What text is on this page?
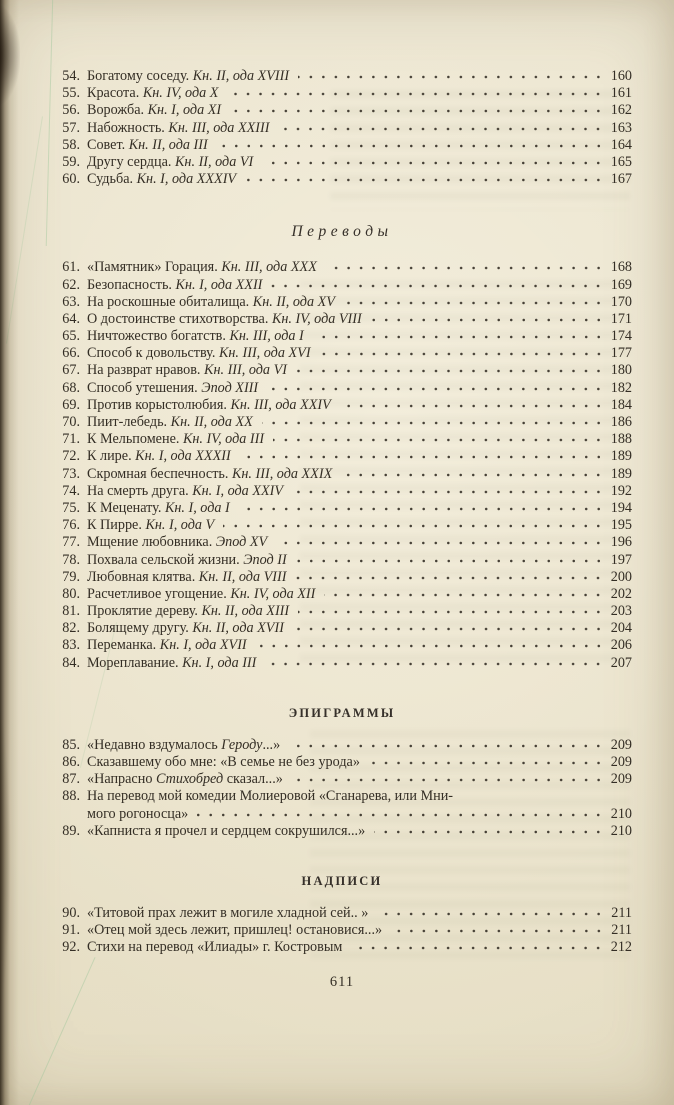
54. Богатому соседу. Кн. II, ода XVIII	160
55. Красота. Кн. IV, ода X	161
56. Ворожба. Кн. I, ода XI	162
57. Набожность. Кн. III, ода XXIII	163
58. Совет. Кн. II, ода III	164
59. Другу сердца. Кн. II, ода VI	165
60. Судьба. Кн. I, ода XXXIV	167
Переводы
61. «Памятник» Горация. Кн. III, ода XXX	168
62. Безопасность. Кн. I, ода XXII	169
63. На роскошные обиталища. Кн. II, ода XV	170
64. О достоинстве стихотворства. Кн. IV, ода VIII	171
65. Ничтожество богатств. Кн. III, ода I	174
66. Способ к довольству. Кн. III, ода XVI	177
67. На разврат нравов. Кн. III, ода VI	180
68. Способ утешения. Эпод XIII	182
69. Против корыстолюбия. Кн. III, ода XXIV	184
70. Пиит-лебедь. Кн. II, ода XX	186
71. К Мельпомене. Кн. IV, ода III	188
72. К лире. Кн. I, ода XXXII	189
73. Скромная беспечность. Кн. III, ода XXIX	189
74. На смерть друга. Кн. I, ода XXIV	192
75. К Меценату. Кн. I, ода I	194
76. К Пирре. Кн. I, ода V	195
77. Мщение любовника. Эпод XV	196
78. Похвала сельской жизни. Эпод II	197
79. Любовная клятва. Кн. II, ода VIII	200
80. Расчетливое угощение. Кн. IV, ода XII	202
81. Проклятие дереву. Кн. II, ода XIII	203
82. Болящему другу. Кн. II, ода XVII	204
83. Переманка. Кн. I, ода XVII	206
84. Мореплавание. Кн. I, ода III	207
ЭПИГРАММЫ
85. «Недавно вздумалось Героду...»	209
86. Сказавшему обо мне: «В семье не без урода»	209
87. «Напрасно Стихобред сказал...»	209
88. На перевод мой комедии Молиеровой «Сганарева, или Мни-
мого рогоносца»	210
89. «Капниста я прочел и сердцем сокрушился...»	210
НАДПИСИ
90. «Титовой прах лежит в могиле хладной сей.. »	211
91. «Отец мой здесь лежит, пришлец! остановися...»	211
92. Стихи на перевод «Илиады» г. Костровым	212
611
